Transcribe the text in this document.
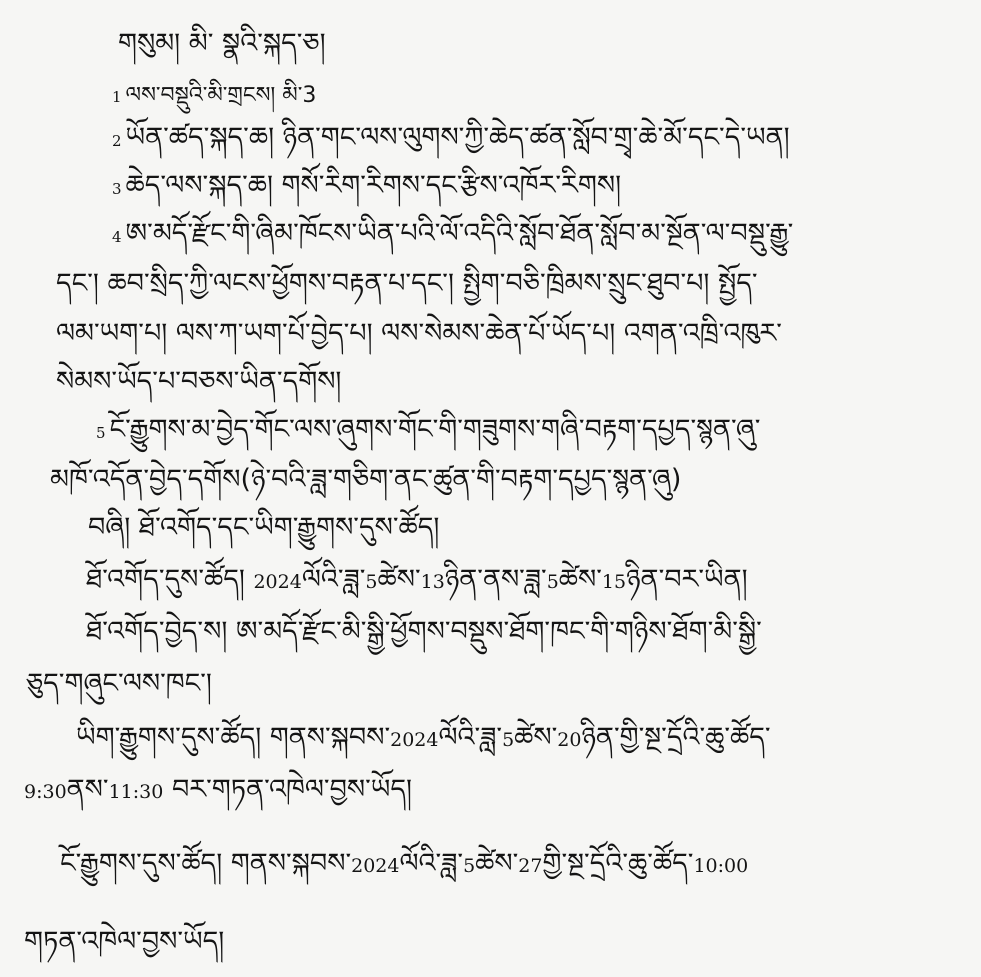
གསུམ། མི་ སྣའི་སྐད་ཅ།
1 ལས་བསྡུའི་མི་གྲངས། མི་3
2 ཡོན་ཚད་སྐད་ཆ། ཉིན་གང་ལས་ལུགས་ཀྱི་ཆེད་ཚན་སློབ་གྲྭ་ཆེ་མོ་དང་དེ་ཡན།
3 ཆེད་ལས་སྐད་ཆ། གསོ་རིག་རིགས་དང་རྩིས་འཁོར་རིགས།
4 ཨ་མདོ་རྫོང་གི་ཞིམ་ཁོངས་ཡིན་པའི་ལོ་འདིའི་སློབ་ཐོན་སློབ་མ་སྔོན་ལ་བསྡུ་རྒྱུ་
དང་། ཆབ་སྲིད་ཀྱི་ལངས་ཕྱོགས་བརྟན་པ་དང་། སྤྱིག་བཅི་ཁྲིམས་སྲུང་ཐུབ་པ། སྤྱོད་
ལམ་ཡག་པ། ལས་ཀ་ཡག་པོ་བྱེད་པ། ལས་སེམས་ཆེན་པོ་ཡོད་པ། འགན་འཁྲི་འཁུར་
སེམས་ཡོད་པ་བཅས་ཡིན་དགོས།
5 ངོ་རྒྱུགས་མ་བྱེད་གོང་ལས་ཞུགས་གོང་གི་གཟུགས་གཞི་བརྟག་དཔྱད་སྙན་ཞུ་
མཁོ་འདོན་བྱེད་དགོས(ཉེ་བའི་ཟླ་གཅིག་ནང་ཚུན་གི་བརྟག་དཔྱད་སྙན་ཞུ)
བཞི། ཐོ་འགོད་དང་ཡིག་རྒྱུགས་དུས་ཚོད།
ཐོ་འགོད་དུས་ཚོད། 2024ལོའི་ཟླ་5ཚེས་13ཉིན་ནས་ཟླ་5ཚེས་15ཉིན་བར་ཡིན།
ཐོ་འགོད་བྱེད་ས། ཨ་མདོ་རྫོང་མི་སྒྱི་ཕྱོགས་བསྡུས་ཐོག་ཁང་གི་གཉིས་ཐོག་མི་སྒྱི་
ཅུད་གཞུང་ལས་ཁང་།
ཡིག་རྒྱུགས་དུས་ཚོད། གནས་སྐབས་2024ལོའི་ཟླ་5ཚེས་20ཉིན་གྱི་སྔ་དྲོའི་ཆུ་ཚོད་
9:30ནས་11:30 བར་གཏན་འཁེལ་བྱས་ཡོད།
ངོ་རྒྱུགས་དུས་ཚོད། གནས་སྐབས་2024ལོའི་ཟླ་5ཚེས་27གྱི་སྔ་དྲོའི་ཆུ་ཚོད་10:00
གཏན་འཁེལ་བྱས་ཡོད།
